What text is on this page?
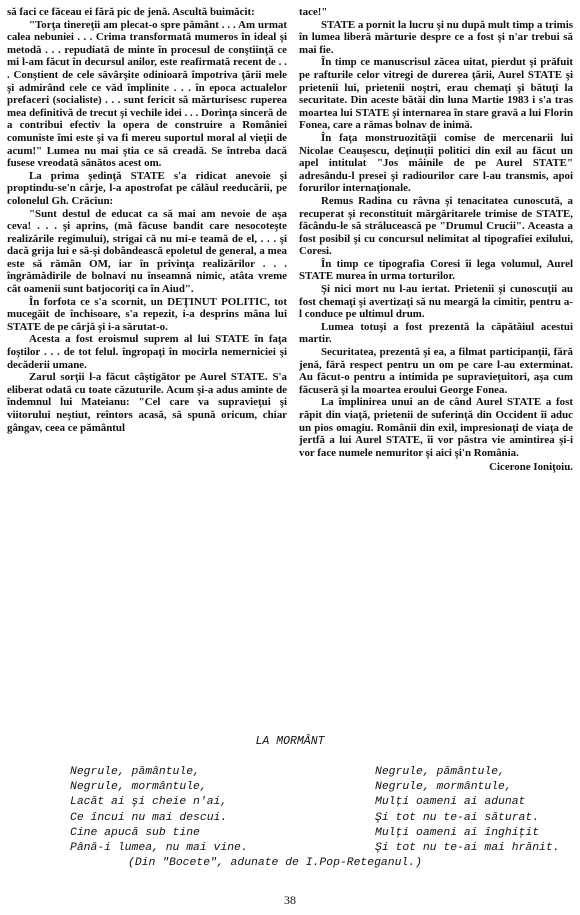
să faci ce făceau ei fără pic de jenă. Ascultă buimăcit:

"Torţa tinereţii am plecat-o spre pământ . . . Am urmat calea nebuniei . . . Crima transformată mumeros în ideal şi metodă . . . repudiată de minte în procesul de conştiinţă ce mi l-am făcut în decursul anilor, este reafirmată recent de . . . Conştient de cele săvârşite odinioară împotriva ţării mele şi admirând cele ce văd împlinite . . . în epoca actualelor prefaceri (socialiste) . . . sunt fericit să mărturisesc ruperea mea definitivă de trecut şi vechile idei . . . Dorinţa sinceră de a contribui efectiv la opera de construire a României comuniste îmi este şi va fi mereu suportul moral al vieţii de acum!" Lumea nu mai ştia ce să creadă. Se întreba dacă fusese vreodată sănătos acest om.

La prima şedinţă STATE s'a ridicat anevoie şi proptindu-se'n cârje, l-a apostrofat pe călăul reeducării, pe colonelul Gh. Crăciun:

"Sunt destul de educat ca să mai am nevoie de aşa ceva! . . . şi aprins, (mă făcuse bandit care nesocoteşte realizările regimului), strigai că nu mi-e teamă de el, . . . şi dacă grija lui e să-şi dobândească epoletul de general, a mea este să rămân OM, iar în privinţa realizărilor . . . îngrămădirile de bolnavi nu înseamnă nimic, atâta vreme cât oamenii sunt batjocoriţi ca în Aiud".

În forfota ce s'a scornit, un DEŢINUT POLITIC, tot mucegăit de închisoare, s'a repezit, i-a desprins mâna lui STATE de pe cârjă şi i-a sărutat-o.

Acesta a fost eroismul suprem al lui STATE în faţa foştilor . . . de tot felul. îngropaţi în mocirla nemerniciei şi decăderii umane.

Zarul sorţii l-a făcut câştigător pe Aurel STATE. S'a eliberat odată cu toate căzuturile. Acum şi-a adus aminte de îndemnul lui Mateianu: "Cel care va supravieţui şi viitorului neştiut, reîntors acasă, să spună oricum, chiar gângav, ceea ce pământul

tace!"

STATE a pornit la lucru şi nu după mult timp a trimis în lumea liberă mărturie despre ce a fost şi n'ar trebui să mai fie.

În timp ce manuscrisul zăcea uitat, pierdut şi prăfuit pe rafturile celor vitregi de durerea ţării, Aurel STATE şi prietenii lui, prietenii noştri, erau chemaţi şi bătuţi la securitate. Din aceste bătăi din luna Martie 1983 i s'a tras moartea lui STATE şi internarea în stare gravă a lui Florin Fonea, care a rămas bolnav de inimă.

În faţa monstruozităţii comise de mercenarii lui Nicolae Ceauşescu, deţinuţii politici din exil au făcut un apel intitulat "Jos mâinile de pe Aurel STATE" adresându-l presei şi radiourilor care l-au transmis, apoi forurilor internaţionale.

Remus Radina cu râvna şi tenacitatea cunoscută, a recuperat şi reconstituit mărgăritarele trimise de STATE, făcându-le să strălucească pe "Drumul Crucii". Aceasta a fost posibil şi cu concursul nelimitat al tipografiei exilului, Coresi.

În timp ce tipografia Coresi îi lega volumul, Aurel STATE murea în urma torturilor.

Şi nici mort nu l-au iertat. Prietenii şi cunoscuţii au fost chemaţi şi avertizaţi să nu meargă la cimitir, pentru a-l conduce pe ultimul drum.

Lumea totuşi a fost prezentă la căpătâiul acestui martir.

Securitatea, prezentă şi ea, a filmat participanţii, fără jenă, fără respect pentru un om pe care l-au exterminat. Au făcut-o pentru a intimida pe supravieţuitori, aşa cum făcuseră şi la moartea eroului George Fonea.

La împlinirea unui an de când Aurel STATE a fost răpit din viaţă, prietenii de suferinţă din Occident îi aduc un pios omagiu. Românii din exil, impresionaţi de viaţa de jertfă a lui Aurel STATE, îi vor păstra vie amintirea şi-i vor face numele nemuritor şi aici şi'n România.

Cicerone Ioniţoiu.

LA MORMÂNT
Negrule, pământule,
Negrule, mormântule,
Lacăt ai şi cheie n'ai,
Ce încui nu mai descui.
Cine apucă sub tine
Până-i lumea, nu mai vine.
Negrule, pământule,
Negrule, mormântule,
Mulţi oameni ai adunat
Şi tot nu te-ai săturat.
Mulţi oameni ai înghiţit
Şi tot nu te-ai mai hrănit.
(Din "Bocete", adunate de I.Pop-Reteganul.)
38
